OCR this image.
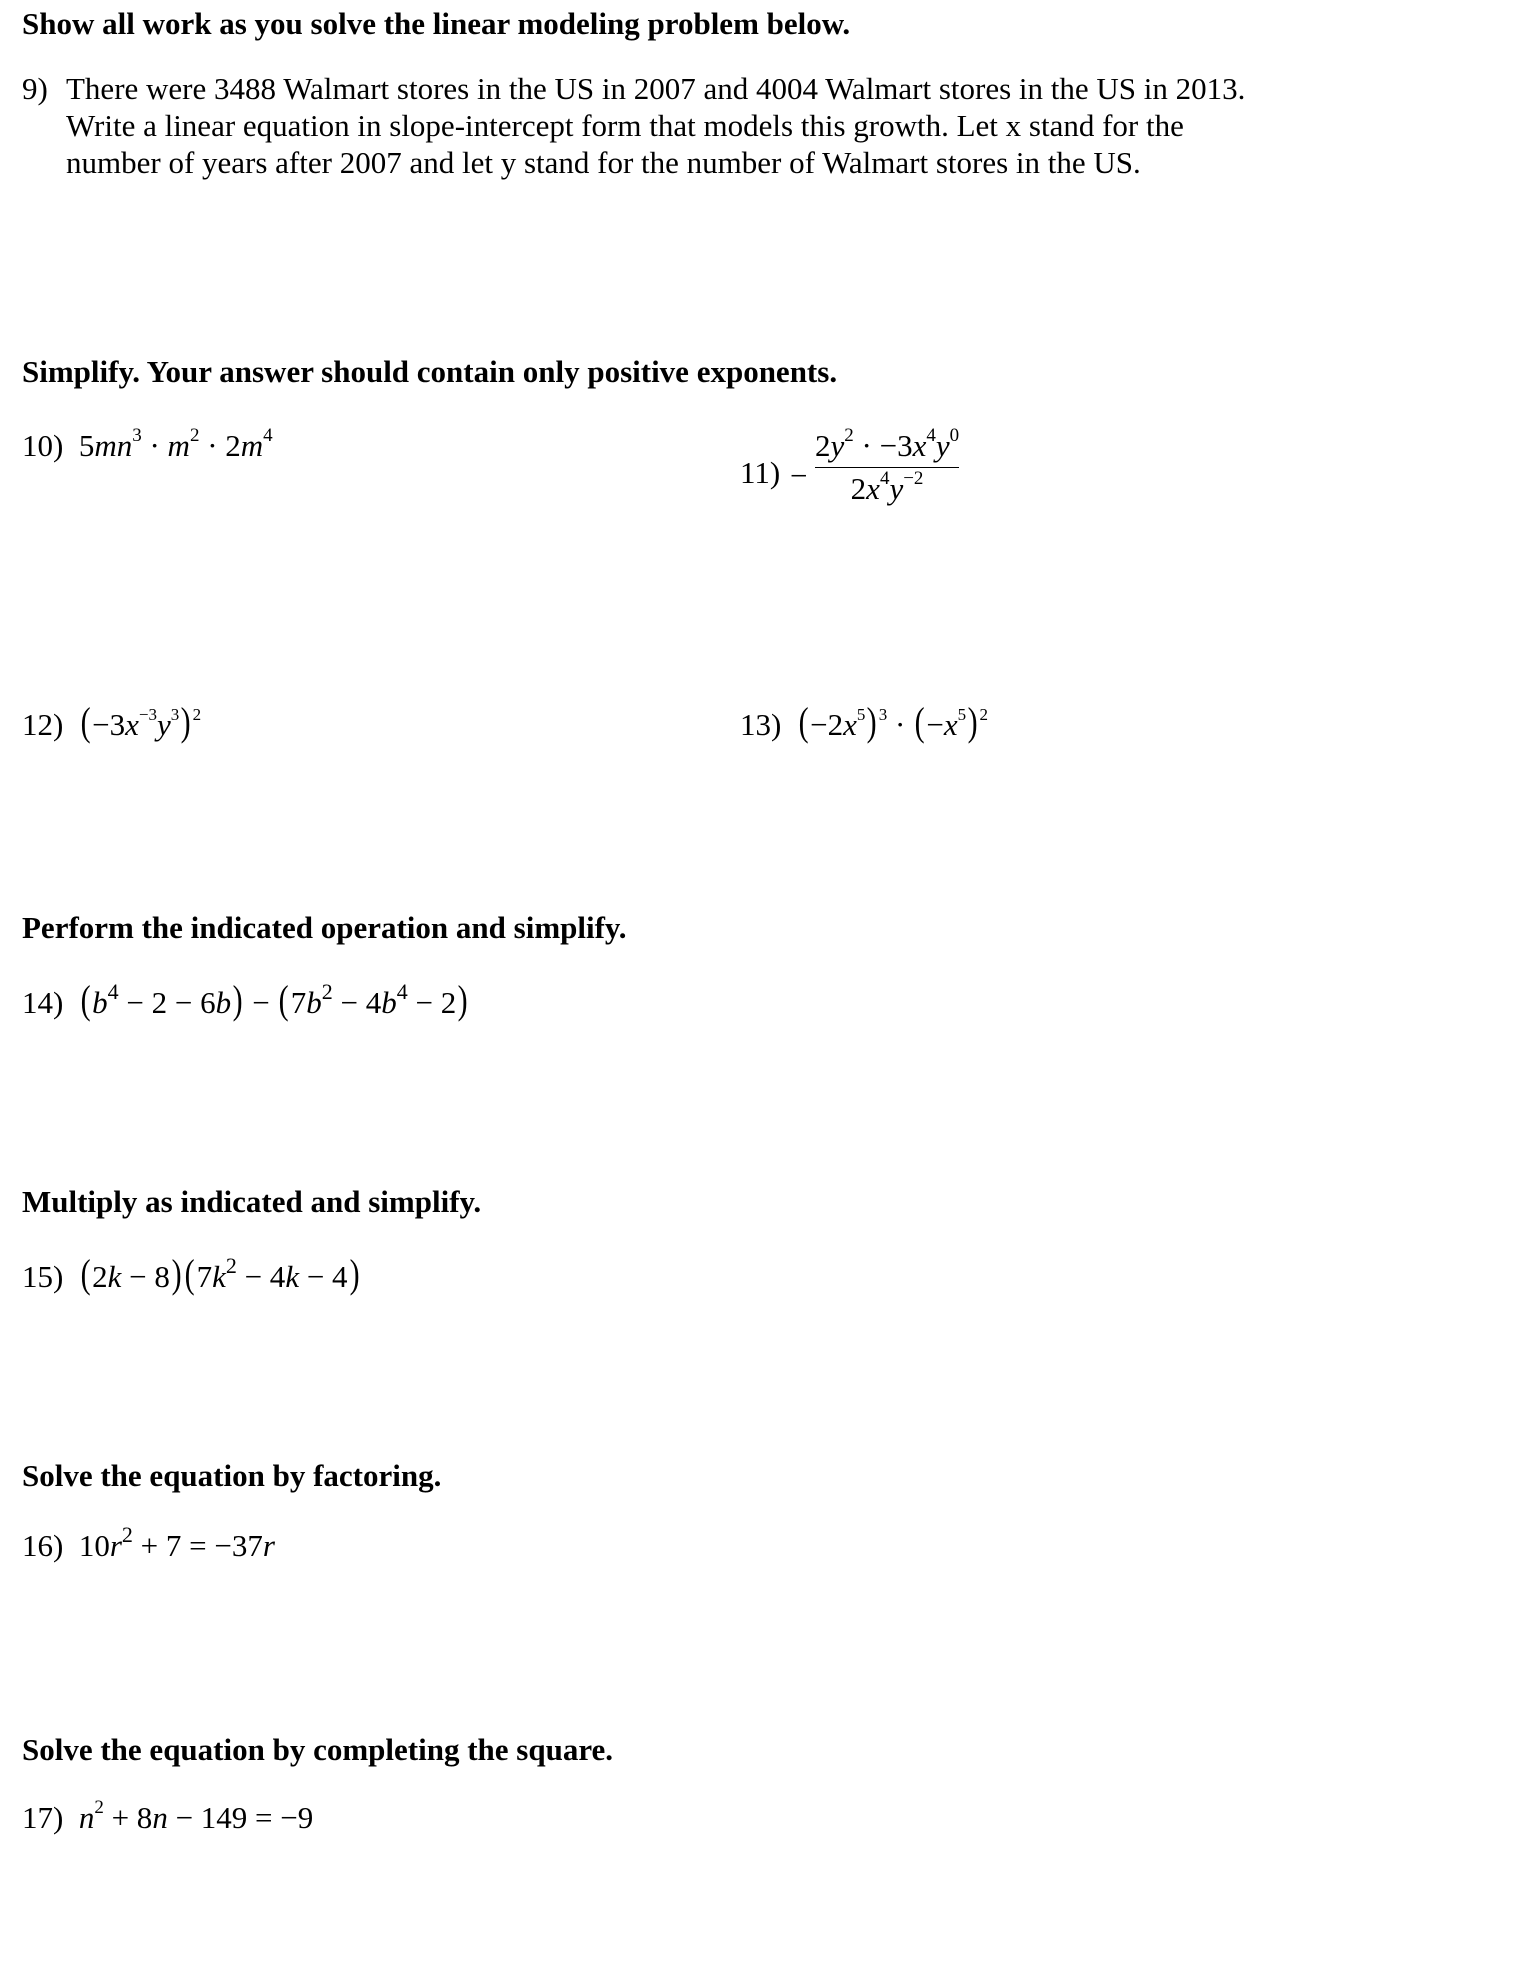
Show all work as you solve the linear modeling problem below.
9) There were 3488 Walmart stores in the US in 2007 and 4004 Walmart stores in the US in 2013.
Write a linear equation in slope-intercept form that models this growth. Let x stand for the
number of years after 2007 and let y stand for the number of Walmart stores in the US.
Simplify. Your answer should contain only positive exponents.
10)  $5mn^3 \cdot m^2 \cdot 2m^4$
$11) - \frac{2y^2 \cdot -3x^4y^0}{2x^4y^{-2}}$
12) $(-3x^{-3}y^3)^2$	13) $(-2x^5)^3 \cdot (-x^5)^2$
Perform the indicated operation and simplify.
14) $(b^4 - 2 - 6b) - (7b^2 - 4b^4 - 2)$
Multiply as indicated and simplify.
15) $(2k - 8)(7k^2 - 4k - 4)$
Solve the equation by factoring.
16)  $10r^2 + 7 = -37r$
Solve the equation by completing the square.
17) $n^2 + 8n - 149 = -9$
